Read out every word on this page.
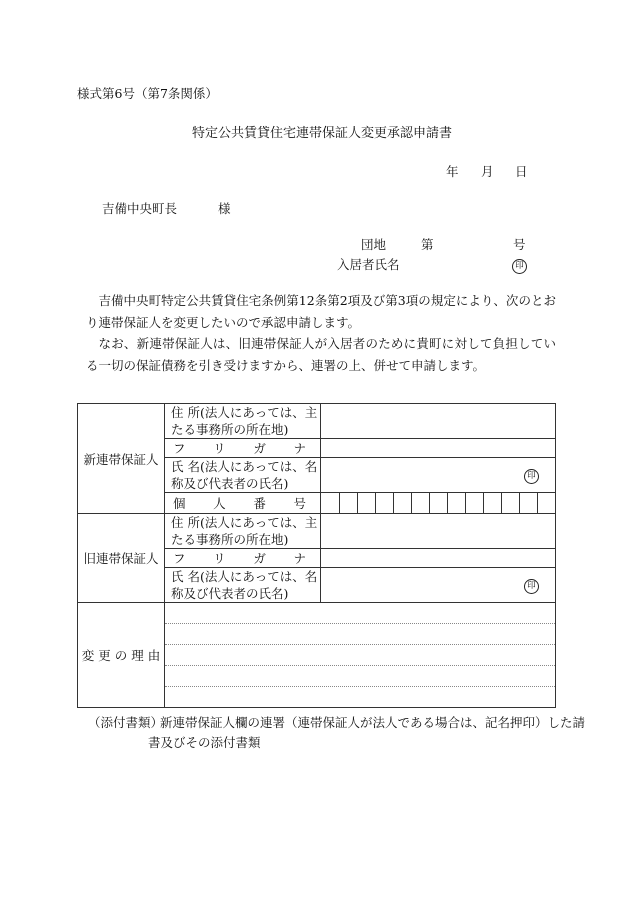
様式第6号（第7条関係）
特定公共賃貸住宅連帯保証人変更承認申請書
年 月 日
吉備中央町長	様
団地	第	号
入居者氏名	印
吉備中央町特定公共賃貸住宅条例第12条第2項及び第3項の規定により、次のとおり連帯保証人を変更したいので承認申請します。
なお、新連帯保証人は、旧連帯保証人が入居者のために貴町に対して負担している一切の保証債務を引き受けますから、連署の上、併せて申請します。
新連帯保証人	住 所(法人にあっては、主
たる事務所の所在地)	
	フ リ ガ ナ	
	氏 名(法人にあっては、名
称及び代表者の氏名)	印
	個 人 番 号	

旧連帯保証人	住 所(法人にあっては、主
たる事務所の所在地)	
	フ リ ガ ナ	
	氏 名(法人にあっては、名
称及び代表者の氏名)	印
変 更 の 理 由		
（添付書類）
新連帯保証人欄の連署（連帯保証人が法人である場合は、記名押印）した請
書及びその添付書類
